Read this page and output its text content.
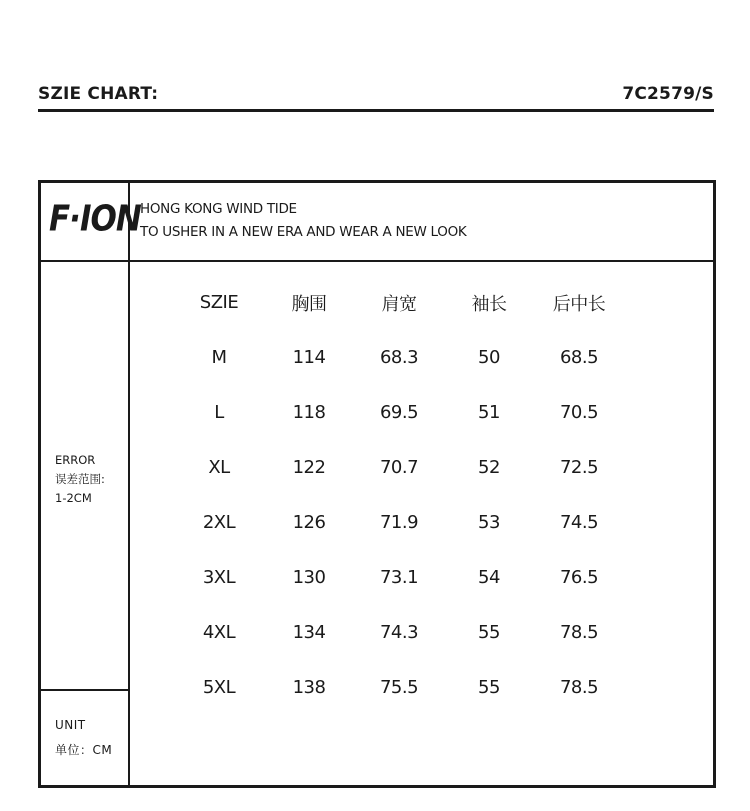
SZIE CHART:	7C2579/S
F·ION HONG KONG WIND TIDE
TO USHER IN A NEW ERA AND WEAR A NEW LOOK
ERROR
误差范围:
1-2CM
UNIT
单位：CM
SZIE	胸围	肩宽	袖长	后中长
M	114	68.3	50	68.5
L	118	69.5	51	70.5
XL	122	70.7	52	72.5
2XL	126	71.9	53	74.5
3XL	130	73.1	54	76.5
4XL	134	74.3	55	78.5
5XL	138	75.5	55	78.5
